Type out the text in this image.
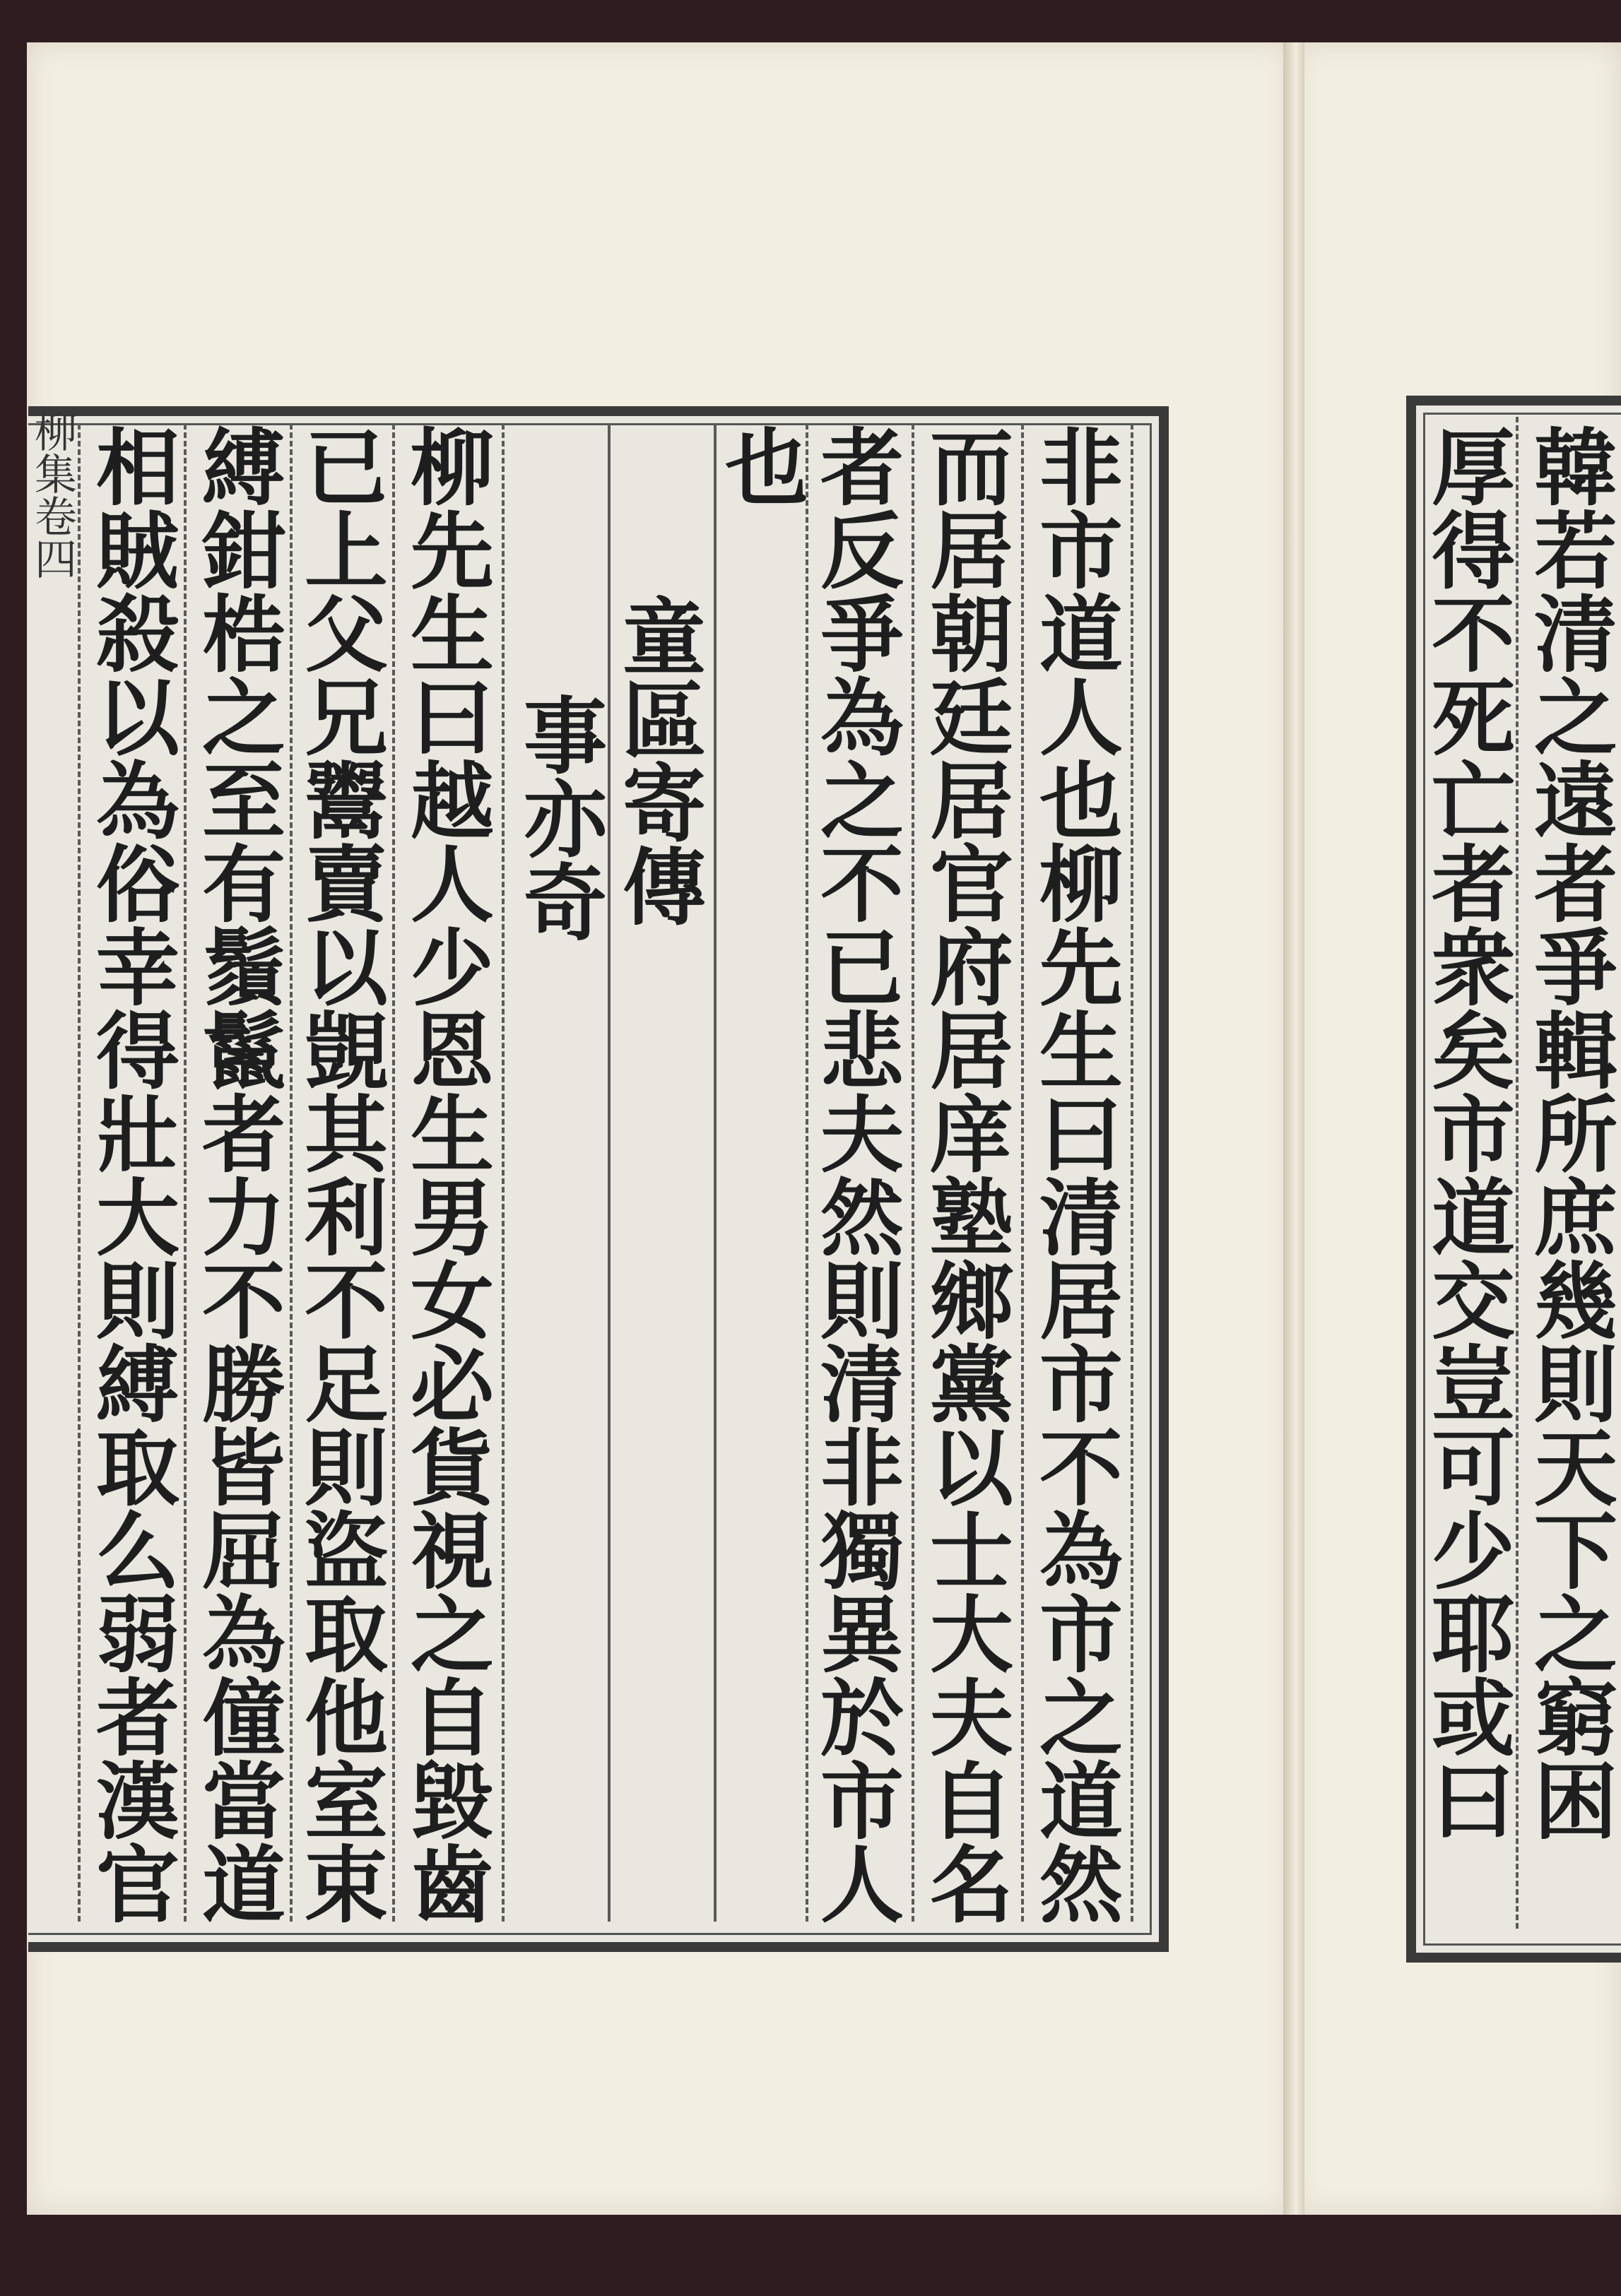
柳集卷四	非市道人也柳先生曰清居市不為市之道然
而居朝廷居官府居庠塾鄉黨以士大夫自名
者反爭為之不已悲夫然則清非獨異於市人
也
童區寄傳
事亦奇
柳先生曰越人少恩生男女必貨視之自毀齒
已上父兄鬻賣以覬其利不足則盜取他室束
縛鉗梏之至有鬚鬣者力不勝皆屈為僮當道
相賊殺以為俗幸得壯大則縛取么弱者漢官	韓若清之遠者爭輯所庶幾則天下之窮困
厚得不死亡者衆矣市道交豈可少耶或曰
